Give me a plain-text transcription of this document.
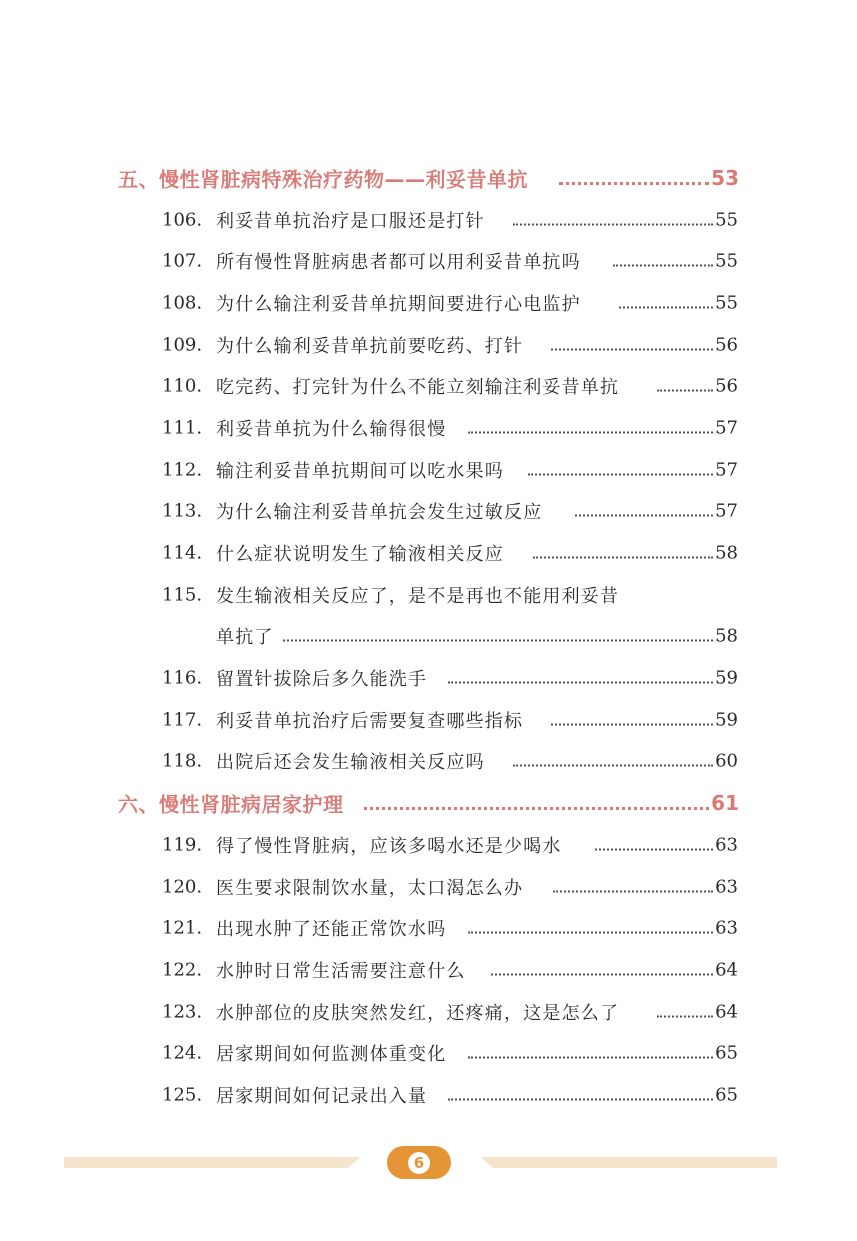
五、慢性肾脏病特殊治疗药物——利妥昔单抗	53
106. 利妥昔单抗治疗是口服还是打针	55
107. 所有慢性肾脏病患者都可以用利妥昔单抗吗	55
108. 为什么输注利妥昔单抗期间要进行心电监护	55
109. 为什么输利妥昔单抗前要吃药、打针	56
110. 吃完药、打完针为什么不能立刻输注利妥昔单抗	56
111. 利妥昔单抗为什么输得很慢	57
112. 输注利妥昔单抗期间可以吃水果吗	57
113. 为什么输注利妥昔单抗会发生过敏反应	57
114. 什么症状说明发生了输液相关反应	58
115. 发生输液相关反应了，是不是再也不能用利妥昔
单抗了	58
116. 留置针拔除后多久能洗手	59
117. 利妥昔单抗治疗后需要复查哪些指标	59
118. 出院后还会发生输液相关反应吗	60
六、慢性肾脏病居家护理	61
119. 得了慢性肾脏病，应该多喝水还是少喝水	63
120. 医生要求限制饮水量，太口渴怎么办	63
121. 出现水肿了还能正常饮水吗	63
122. 水肿时日常生活需要注意什么	64
123. 水肿部位的皮肤突然发红，还疼痛，这是怎么了	64
124. 居家期间如何监测体重变化	65
125. 居家期间如何记录出入量	65
6
